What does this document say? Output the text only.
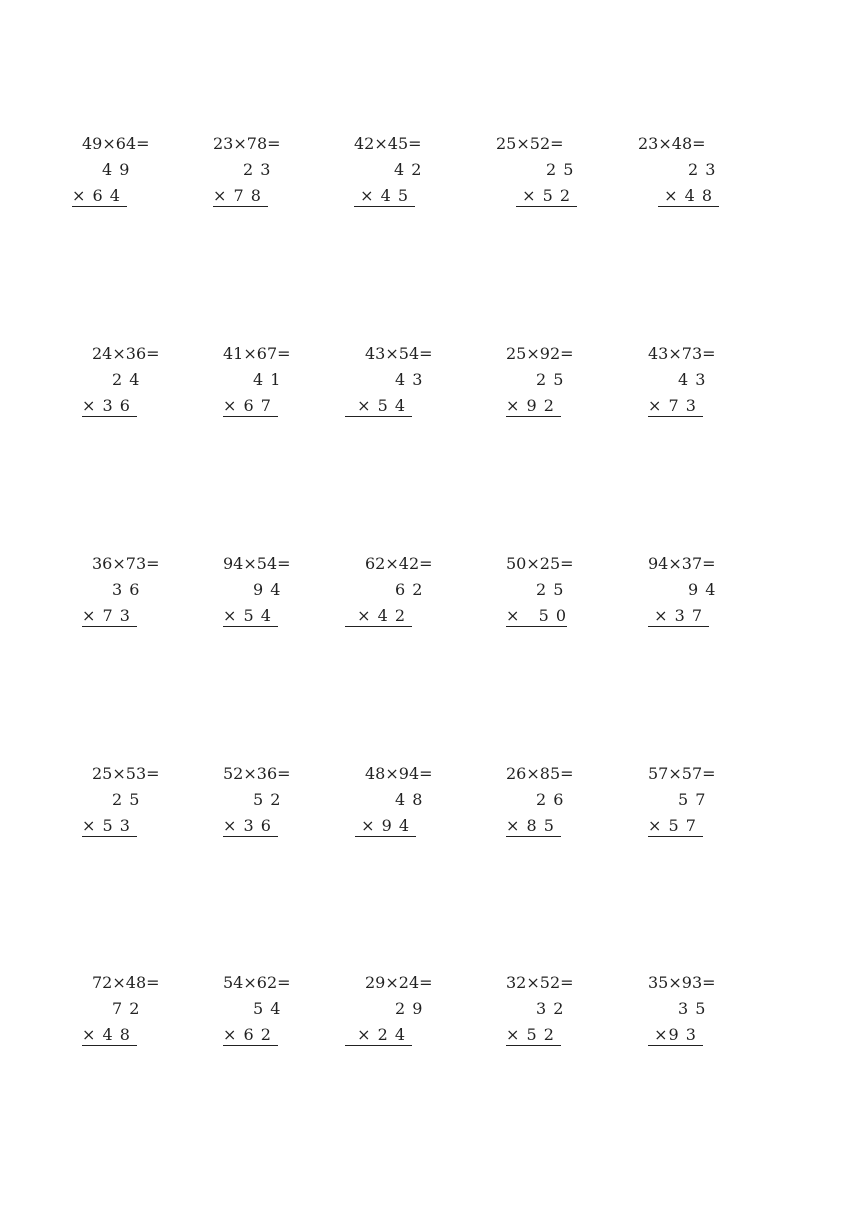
49×64=
4 9
× 6 4
23×78=
2 3
× 7 8
42×45=
4 2
× 4 5
25×52=
2 5
× 5 2
23×48=
2 3
× 4 8
24×36=
2 4
× 3 6
41×67=
4 1
× 6 7
43×54=
4 3
× 5 4
25×92=
2 5
× 9 2
43×73=
4 3
× 7 3
36×73=
3 6
× 7 3
94×54=
9 4
× 5 4
62×42=
6 2
× 4 2
50×25=
2 5
×   5 0
94×37=
9 4
× 3 7
25×53=
2 5
× 5 3
52×36=
5 2
× 3 6
48×94=
4 8
× 9 4
26×85=
2 6
× 8 5
57×57=
5 7
× 5 7
72×48=
7 2
× 4 8
54×62=
5 4
× 6 2
29×24=
2 9
× 2 4
32×52=
3 2
× 5 2
35×93=
3 5
×9 3
